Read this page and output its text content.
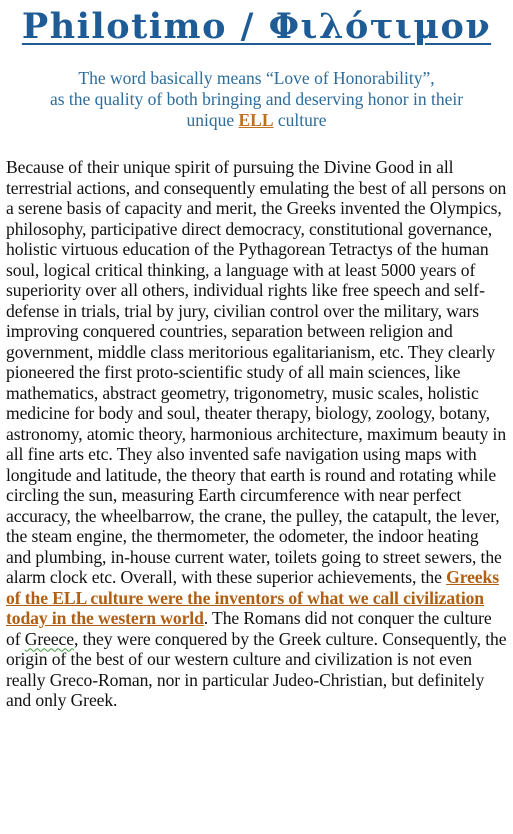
Philotimo / Φιλότιμον

The word basically means “Love of Honorability”,
as the quality of both bringing and deserving honor in their
unique ELL culture

Because of their unique spirit of pursuing the Divine Good in all terrestrial actions, and consequently emulating the best of all persons on a serene basis of capacity and merit, the Greeks invented the Olympics, philosophy, participative direct democracy, constitutional governance, holistic virtuous education of the Pythagorean Tetractys of the human soul, logical critical thinking, a language with at least 5000 years of superiority over all others, individual rights like free speech and self-defense in trials, trial by jury, civilian control over the military, wars improving conquered countries, separation between religion and government, middle class meritorious egalitarianism, etc. They clearly pioneered the first proto-scientific study of all main sciences, like mathematics, abstract geometry, trigonometry, music scales, holistic medicine for body and soul, theater therapy, biology, zoology, botany, astronomy, atomic theory, harmonious architecture, maximum beauty in all fine arts etc. They also invented safe navigation using maps with longitude and latitude, the theory that earth is round and rotating while circling the sun, measuring Earth circumference with near perfect accuracy, the wheelbarrow, the crane, the pulley, the catapult, the lever, the steam engine, the thermometer, the odometer, the indoor heating and plumbing, in-house current water, toilets going to street sewers, the alarm clock etc. Overall, with these superior achievements, the Greeks of the ELL culture were the inventors of what we call civilization today in the western world. The Romans did not conquer the culture of Greece, they were conquered by the Greek culture. Consequently, the origin of the best of our western culture and civilization is not even really Greco-Roman, nor in particular Judeo-Christian, but definitely and only Greek.
